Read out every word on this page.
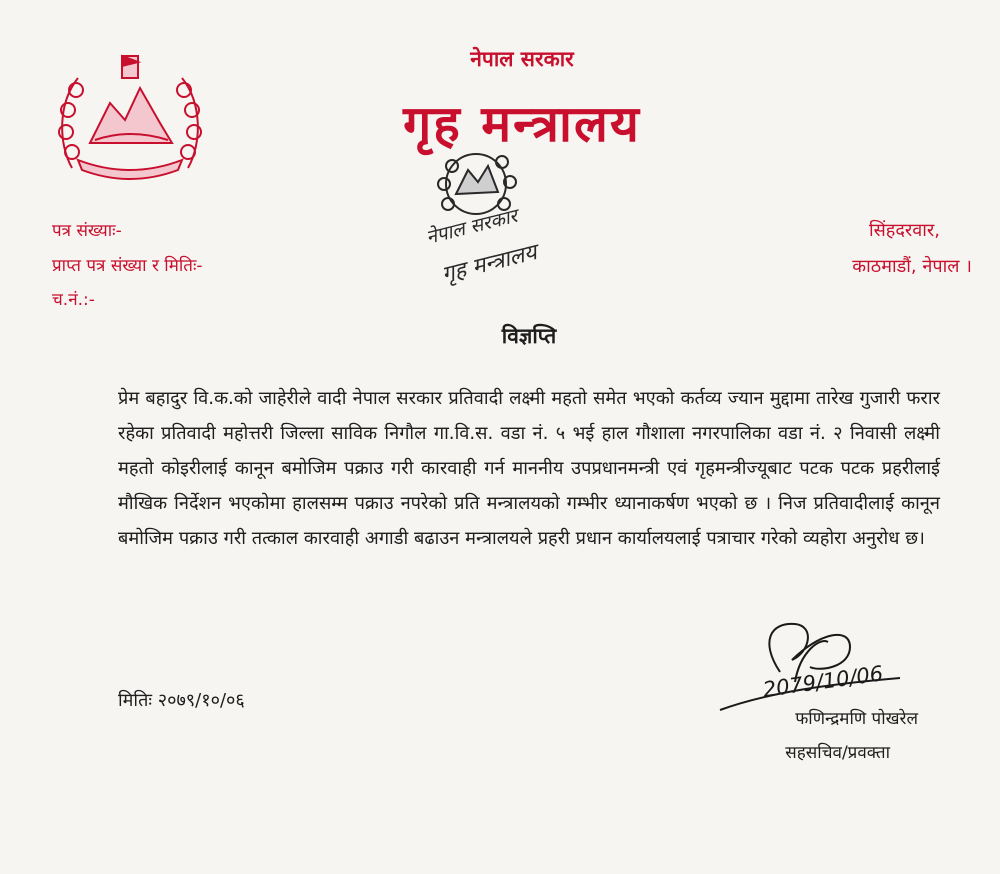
नेपाल सरकार

गृह मन्त्रालय

नेपाल सरकार
गृह मन्त्रालय

पत्र संख्याः-

प्राप्त पत्र संख्या र मितिः-

च.नं.:-

सिंहदरवार,

काठमाडौं, नेपाल ।

विज्ञप्ति

प्रेम बहादुर वि.क.को जाहेरीले वादी नेपाल सरकार प्रतिवादी लक्ष्मी महतो समेत भएको कर्तव्य ज्यान मुद्दामा तारेख गुजारी फरार रहेका प्रतिवादी महोत्तरी जिल्ला साविक निगौल गा.वि.स. वडा नं. ५ भई हाल गौशाला नगरपालिका वडा नं. २ निवासी लक्ष्मी महतो कोइरीलाई कानून बमोजिम पक्राउ गरी कारवाही गर्न माननीय उपप्रधानमन्त्री एवं गृहमन्त्रीज्यूबाट पटक पटक प्रहरीलाई मौखिक निर्देशन भएकोमा हालसम्म पक्राउ नपरेको प्रति मन्त्रालयको गम्भीर ध्यानाकर्षण भएको छ । निज प्रतिवादीलाई कानून बमोजिम पक्राउ गरी तत्काल कारवाही अगाडी बढाउन मन्त्रालयले प्रहरी प्रधान कार्यालयलाई पत्राचार गरेको व्यहोरा अनुरोध छ।

मितिः २०७९/१०/०६	2079/10/06

फणिन्द्रमणि पोखरेल

सहसचिव/प्रवक्ता
